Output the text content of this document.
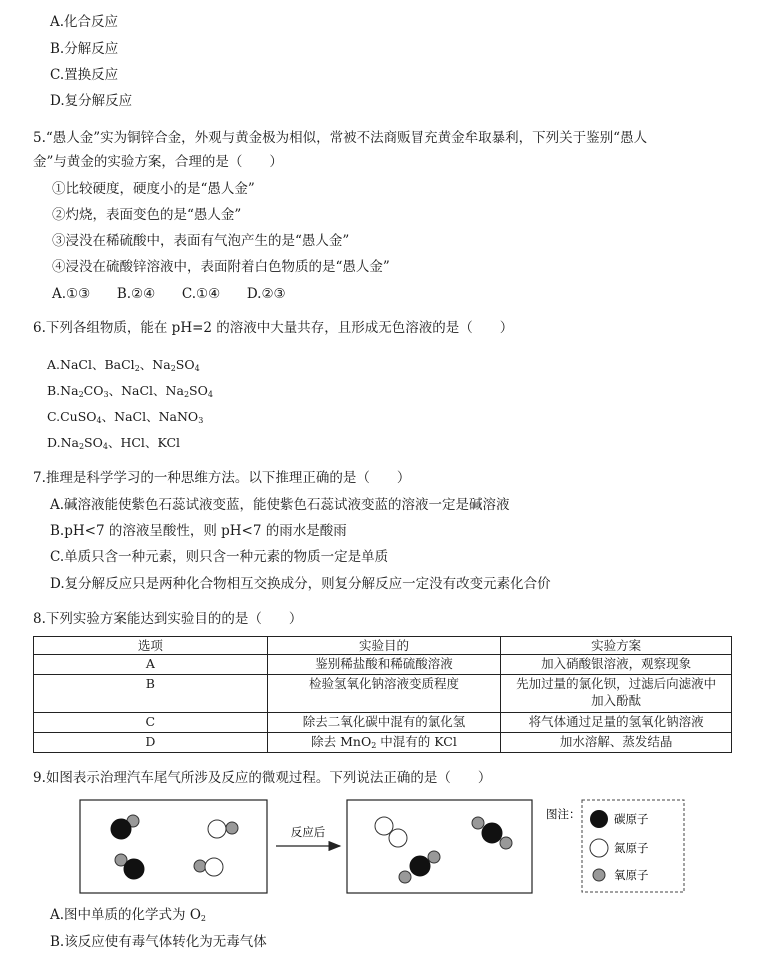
A.化合反应
B.分解反应
C.置换反应
D.复分解反应
5.“愚人金”实为铜锌合金，外观与黄金极为相似，常被不法商贩冒充黄金牟取暴利，下列关于鉴别“愚人
金”与黄金的实验方案，合理的是（　　）
①比较硬度，硬度小的是“愚人金”
②灼烧，表面变色的是“愚人金”
③浸没在稀硫酸中，表面有气泡产生的是“愚人金”
④浸没在硫酸锌溶液中，表面附着白色物质的是“愚人金”
A.①③ B.②④ C.①④ D.②③
6.下列各组物质，能在 pH=2 的溶液中大量共存，且形成无色溶液的是（　　）
A.NaCl、BaCl$_2$、$Na_2SO_4$
$B.Na_2CO_3$、NaCl、$Na_2SO_4$
C.CuSO$_4$、NaCl、NaNO$_3$
$D.Na_2SO_4$、HCl、KCl
7.推理是科学学习的一种思维方法。以下推理正确的是（　　）
A.碱溶液能使紫色石蕊试液变蓝，能使紫色石蕊试液变蓝的溶液一定是碱溶液
B.pH<7 的溶液呈酸性，则 pH<7 的雨水是酸雨
C.单质只含一种元素，则只含一种元素的物质一定是单质
D.复分解反应只是两种化合物相互交换成分，则复分解反应一定没有改变元素化合价
8.下列实验方案能达到实验目的的是（　　）
选项	实验目的	实验方案
A	鉴别稀盐酸和稀硫酸溶液	加入硝酸银溶液，观察现象
B	检验氢氧化钠溶液变质程度	先加过量的氯化钡，过滤后向滤液中
加入酚酞

C	除去二氧化碳中混有的氯化氢	将气体通过足量的氢氧化钠溶液
D	除去 MnO$_2$ 中混有的 KCl	加水溶解、蒸发结晶
9.如图表示治理汽车尾气所涉及反应的微观过程。下列说法正确的是（　　）
反应后
图注：	碳原子
氮原子
氧原子
A.图中单质的化学式为 $O_2$
B.该反应使有毒气体转化为无毒气体
